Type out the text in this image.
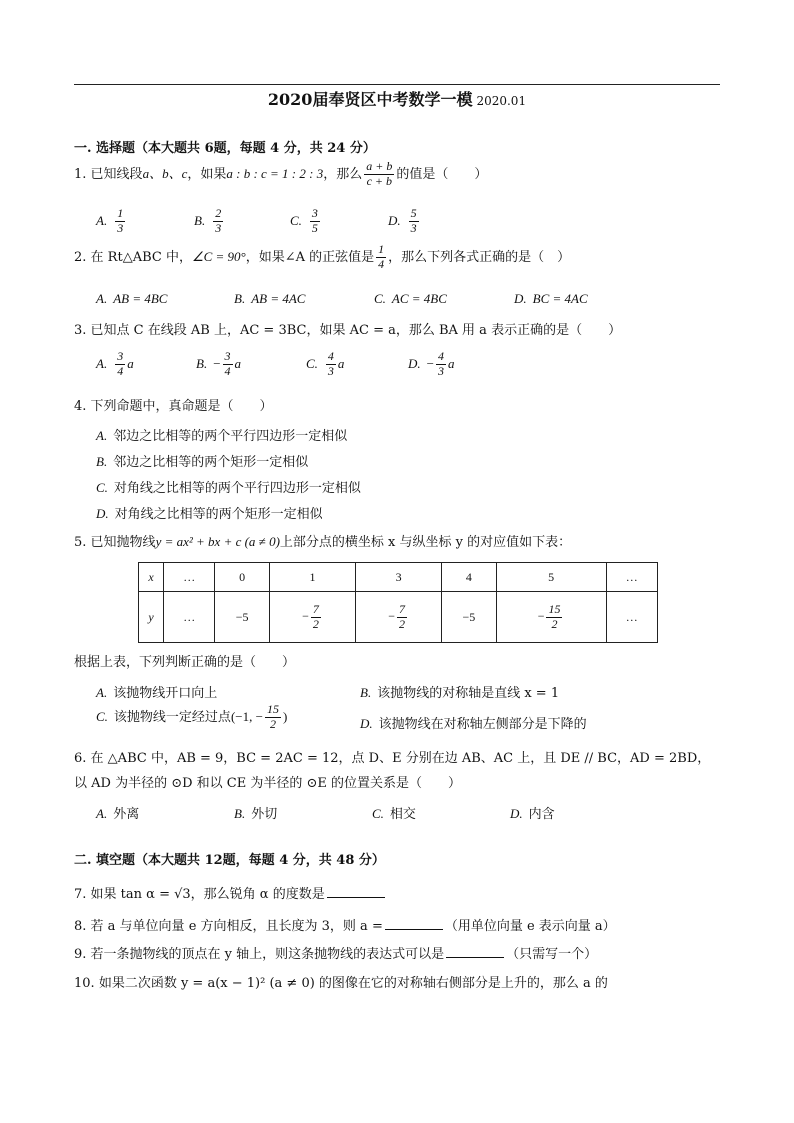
2020届奉贤区中考数学一模 2020.01
一. 选择题（本大题共 6题，每题 4 分，共 24 分）
1. 已知线段a、b、c，如果a : b : c = 1 : 2 : 3，那么 $\frac{a + b}{c + b}$ 的值是（　　）
A. $\frac{1}{3}$	B. $\frac{2}{3}$	C. $\frac{3}{5}$	D. $\frac{5}{3}$
2. 在 Rt△ABC 中，∠C = 90°，如果∠A 的正弦值是 $\frac{1}{4}$ ，那么下列各式正确的是（　）
A. AB = 4BC	B. AB = 4AC	C. AC = 4BC	D. BC = 4AC
3. 已知点 C 在线段 AB 上，AC = 3BC，如果 AC = a，那么 BA 用 a 表示正确的是（　　）
A. $\frac{3}{4}$ a	B. − $\frac{3}{4}$ a	C. $\frac{4}{3}$ a	D. − $\frac{4}{3}$ a
4. 下列命题中，真命题是（　　）
A. 邻边之比相等的两个平行四边形一定相似
B. 邻边之比相等的两个矩形一定相似
C. 对角线之比相等的两个平行四边形一定相似
D. 对角线之比相等的两个矩形一定相似
5. 已知抛物线y = ax² + bx + c (a ≠ 0)上部分点的横坐标 x 与纵坐标 y 的对应值如下表：
x	…	0	1	3	4	5	…
y	…	−5	− $\frac{7}{2}$	− $\frac{7}{2}$	−5	− $\frac{15}{2}$	…
根据上表，下列判断正确的是（　　）
A. 该抛物线开口向上	B. 该抛物线的对称轴是直线 x = 1
C. 该抛物线一定经过点(−1, − $\frac{15}{2}$ )	D. 该抛物线在对称轴左侧部分是下降的
6. 在 △ABC 中，AB = 9，BC = 2AC = 12，点 D、E 分别在边 AB、AC 上，且 DE // BC，AD = 2BD，
以 AD 为半径的 ⊙D 和以 CE 为半径的 ⊙E 的位置关系是（　　）
A. 外离	B. 外切	C. 相交	D. 内含
二. 填空题（本大题共 12题，每题 4 分，共 48 分）
7. 如果 tan α = √3，那么锐角 α 的度数是
8. 若 a 与单位向量 e 方向相反，且长度为 3，则 a =	（用单位向量 e 表示向量 a）
9. 若一条抛物线的顶点在 y 轴上，则这条抛物线的表达式可以是	（只需写一个）
10. 如果二次函数 y = a(x − 1)² (a ≠ 0) 的图像在它的对称轴右侧部分是上升的，那么 a 的
